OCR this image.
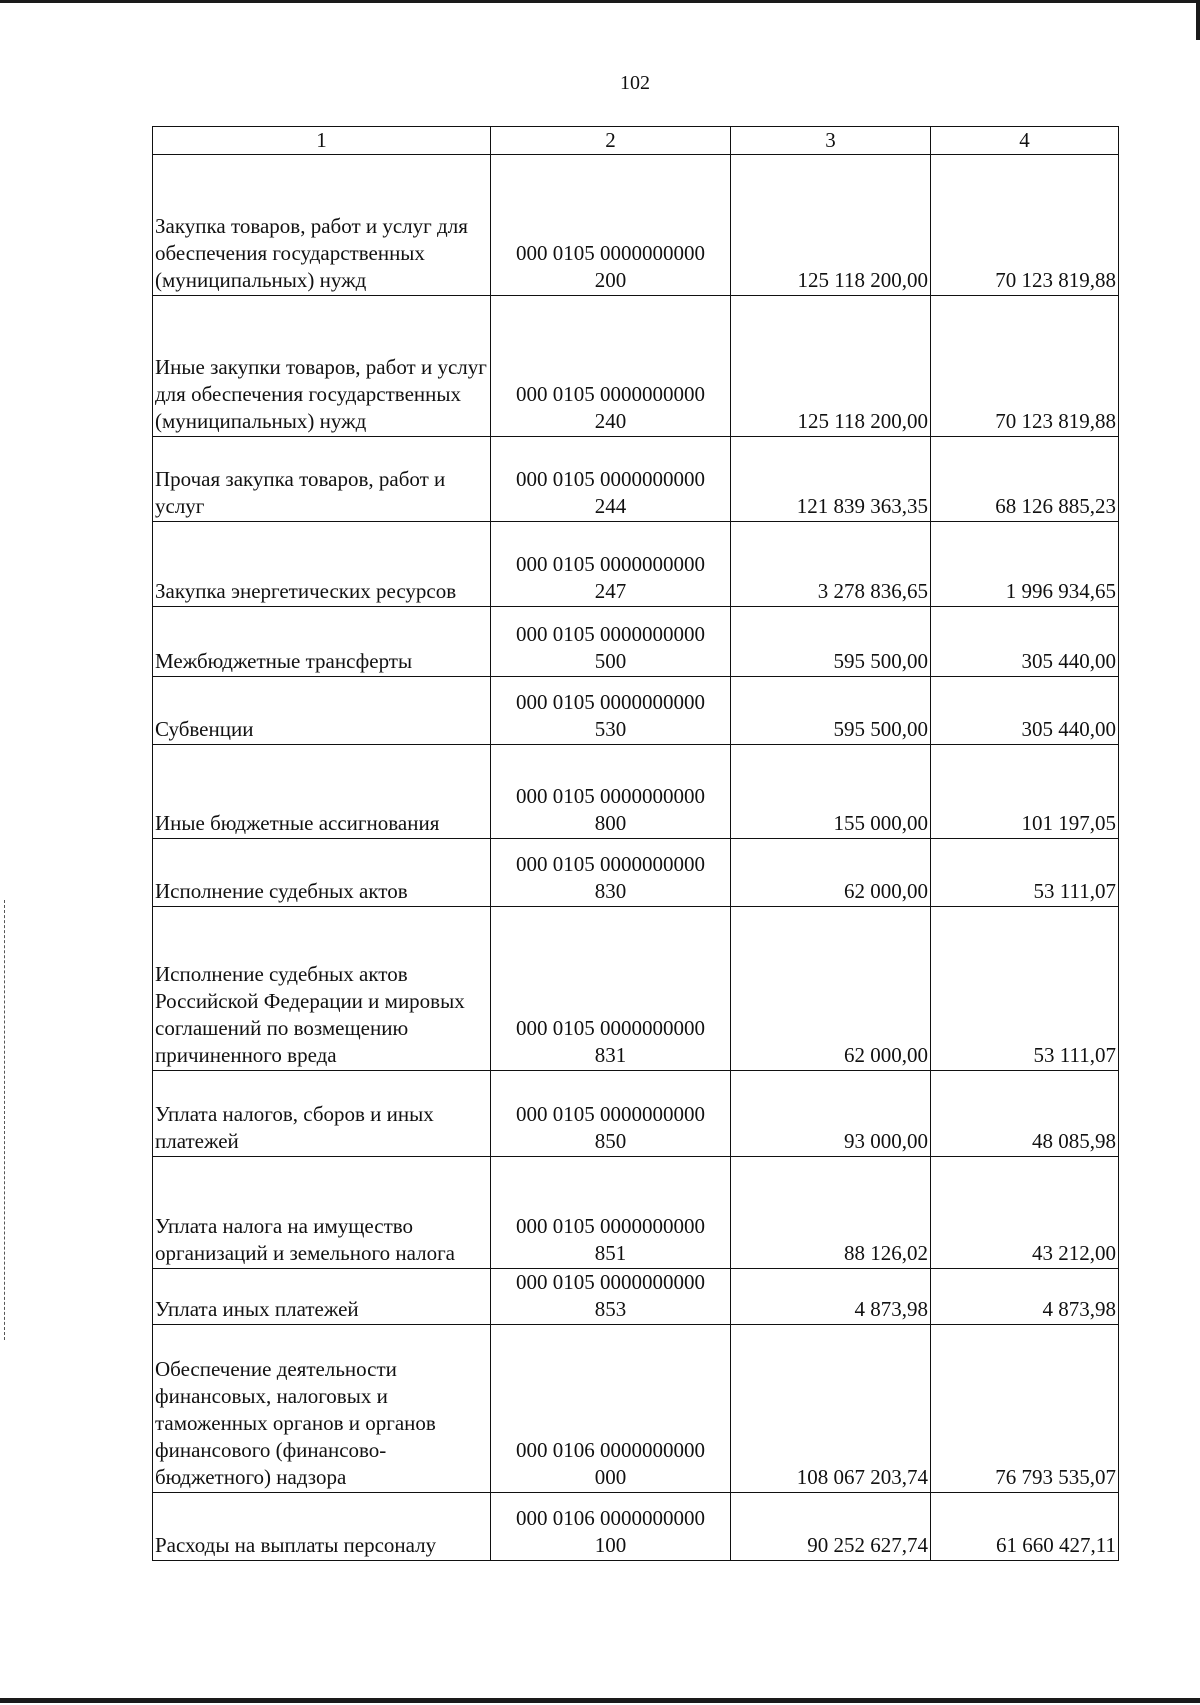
102
1	2	3	4
Закупка товаров, работ и услуг для обеспечения государственных (муниципальных) нужд	000 0105 0000000000
200	125 118 200,00	70 123 819,88
Иные закупки товаров, работ и услуг для обеспечения государственных (муниципальных) нужд	000 0105 0000000000
240	125 118 200,00	70 123 819,88
Прочая закупка товаров, работ и услуг	000 0105 0000000000
244	121 839 363,35	68 126 885,23
Закупка энергетических ресурсов	000 0105 0000000000
247	3 278 836,65	1 996 934,65
Межбюджетные трансферты	000 0105 0000000000
500	595 500,00	305 440,00
Субвенции	000 0105 0000000000
530	595 500,00	305 440,00
Иные бюджетные ассигнования	000 0105 0000000000
800	155 000,00	101 197,05
Исполнение судебных актов	000 0105 0000000000
830	62 000,00	53 111,07
Исполнение судебных актов Российской Федерации и мировых соглашений по возмещению причиненного вреда	000 0105 0000000000
831	62 000,00	53 111,07
Уплата налогов, сборов и иных платежей	000 0105 0000000000
850	93 000,00	48 085,98
Уплата налога на имущество организаций и земельного налога	000 0105 0000000000
851	88 126,02	43 212,00
Уплата иных платежей	000 0105 0000000000
853	4 873,98	4 873,98
Обеспечение деятельности финансовых, налоговых и таможенных органов и органов финансового (финансово-бюджетного) надзора	000 0106 0000000000
000	108 067 203,74	76 793 535,07
Расходы на выплаты персоналу	000 0106 0000000000
100	90 252 627,74	61 660 427,11
